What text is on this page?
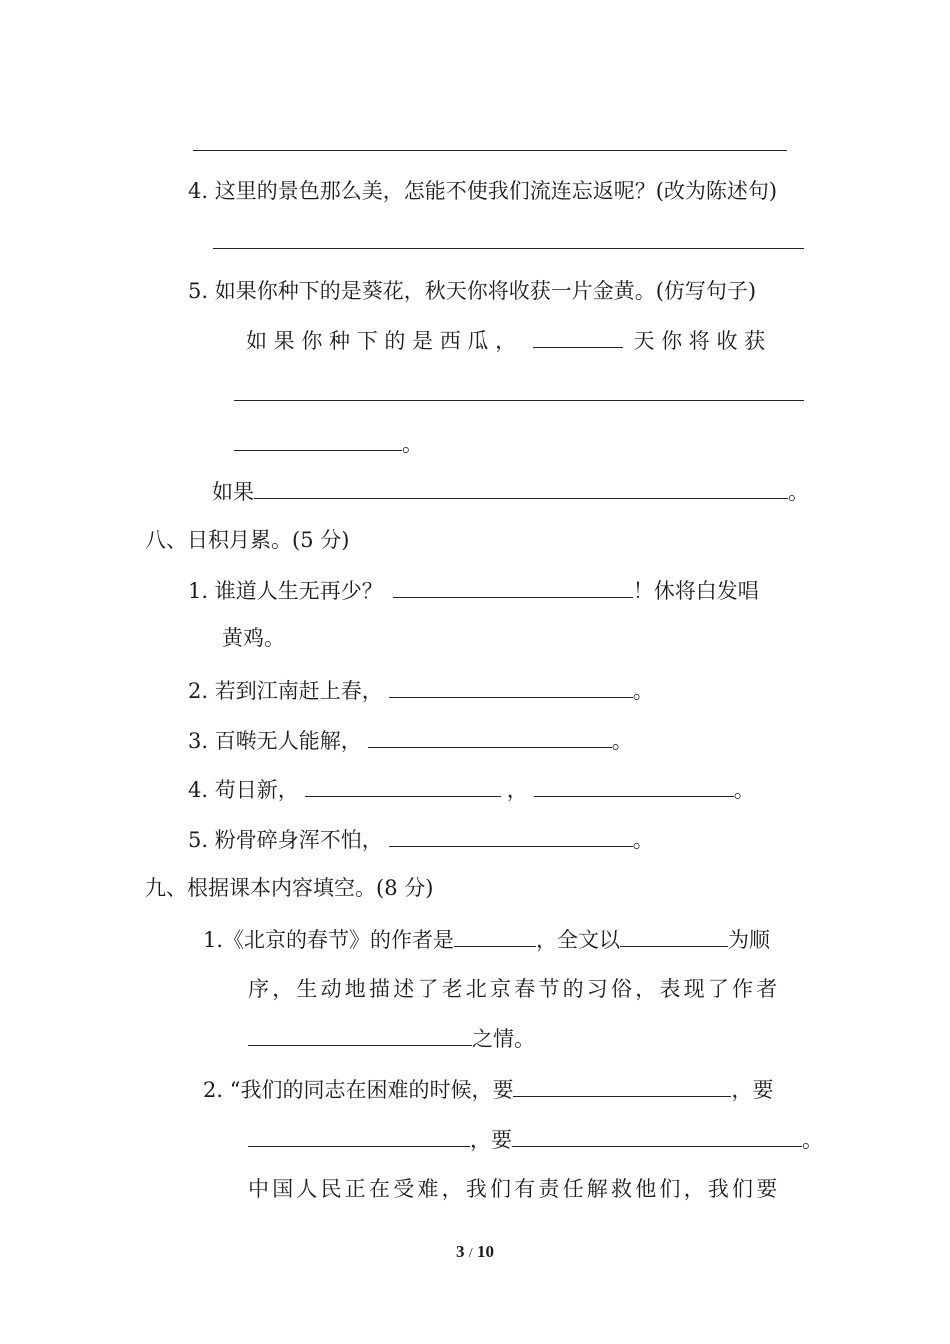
4. 这里的景色那么美，怎能不使我们流连忘返呢？(改为陈述句)
5. 如果你种下的是葵花，秋天你将收获一片金黄。(仿写句子)
如 果 你 种 下 的 是 西 瓜 ，	天 你 将 收 获
。
如果	。
八、日积月累。(5 分)
1. 谁道人生无再少？	！休将白发唱
黄鸡。
2. 若到江南赶上春，	。
3. 百啭无人能解，	。
4. 苟日新，	，	。
5. 粉骨碎身浑不怕，	。
九、根据课本内容填空。(8 分)
1.《北京的春节》的作者是	，全文以	为顺
序，生动地描述了老北京春节的习俗，表现了作者
之情。
2. “我们的同志在困难的时候，要	，要
，要	。
中国人民正在受难，我们有责任解救他们，我们要
3 / 10
